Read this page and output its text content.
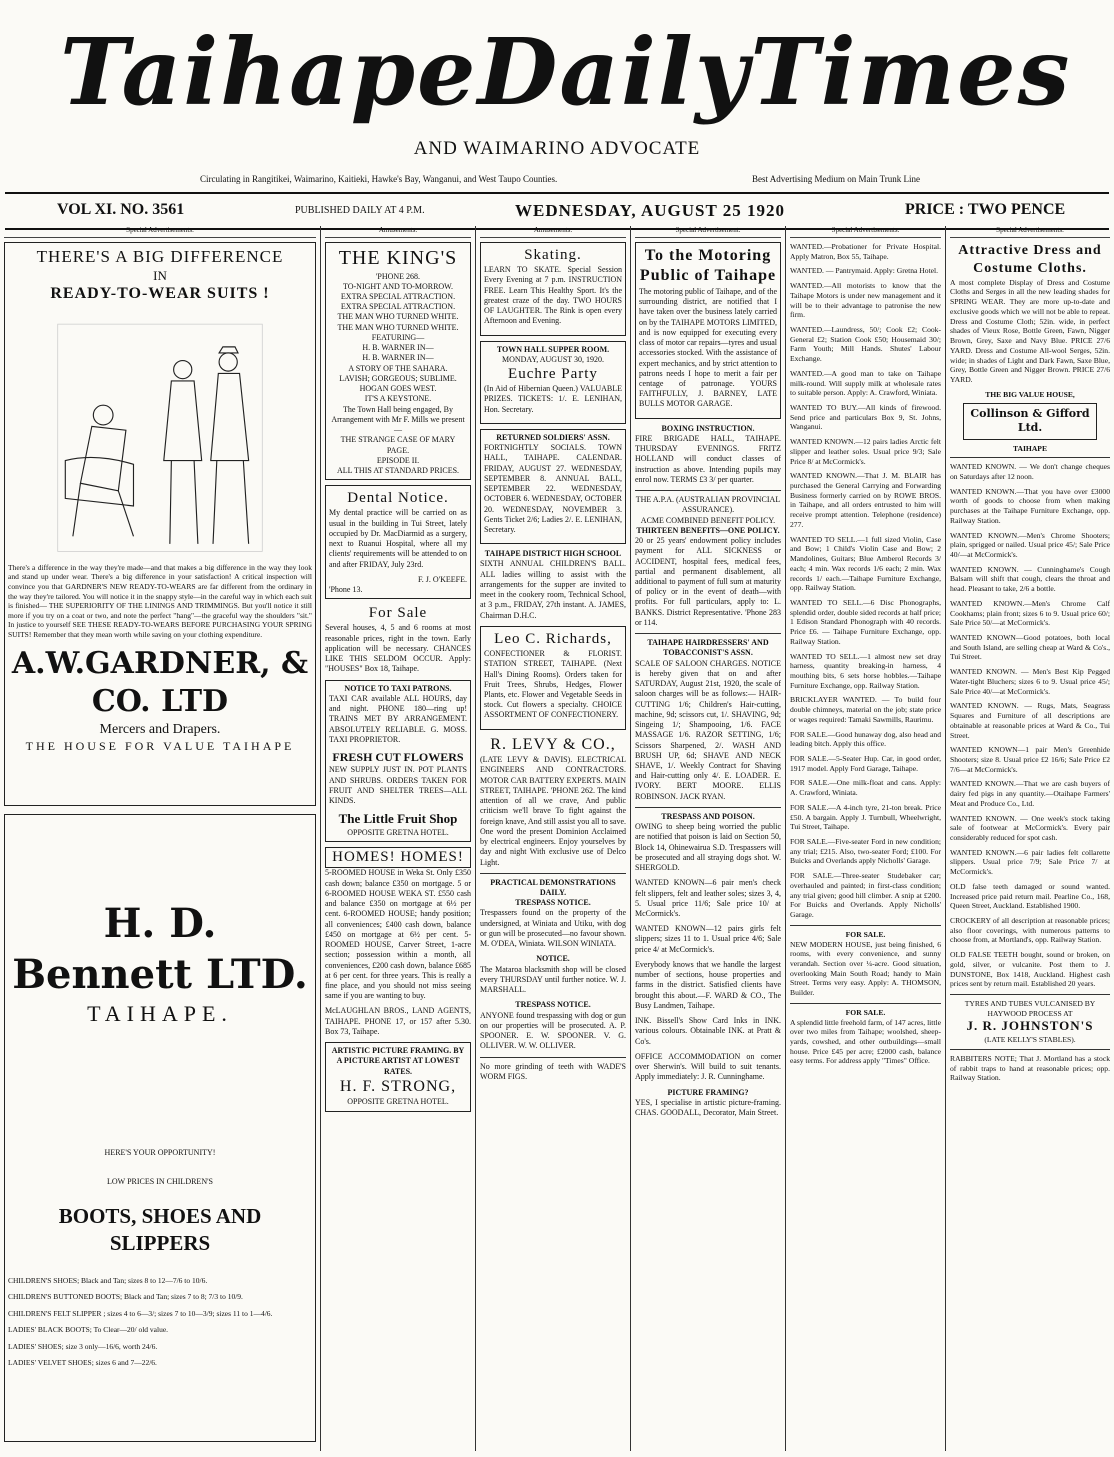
Taihape Daily Times
AND WAIMARINO ADVOCATE
Circulating in Rangitikei, Waimarino, Kaitieki, Hawke's Bay, Wanganui, and West Taupo Counties.	Best Advertising Medium on Main Trunk Line
VOL XI. NO. 3561	PUBLISHED DAILY AT 4 P.M.	WEDNESDAY, AUGUST 25 1920	PRICE : TWO PENCE
Special Advertisements.
THERE'S A BIG DIFFERENCE
IN
READY-TO-WEAR SUITS !
There's a difference in the way they're made—and that makes a big difference in the way they look and stand up under wear. There's a big difference in your satisfaction! A critical inspection will convince you that GARDNER'S NEW READY-TO-WEARS are far different from the ordinary in the way they're tailored. You will notice it in the snappy style—in the careful way in which each suit is finished— THE SUPERIORITY OF THE LININGS AND TRIMMINGS. But you'll notice it still more if you try on a coat or two, and note the perfect "hang"—the graceful way the shoulders "sit." In justice to yourself SEE THESE READY-TO-WEARS BEFORE PURCHASING YOUR SPRING SUITS! Remember that they mean worth while saving on your clothing expenditure.
A.W.GARDNER, & CO. LTD
Mercers and Drapers.
THE HOUSE FOR VALUE TAIHAPE
H. D. Bennett LTD.
TAIHAPE.
HERE'S YOUR OPPORTUNITY!
LOW PRICES IN CHILDREN'S
BOOTS, SHOES AND SLIPPERS
CHILDREN'S SHOES; Black and Tan; sizes 8 to 12—7/6 to 10/6.
CHILDREN'S BUTTONED BOOTS; Black and Tan; sizes 7 to 8; 7/3 to 10/9.
CHILDREN'S FELT SLIPPER ; sizes 4 to 6—3/; sizes 7 to 10—3/9; sizes 11 to 1—4/6.
LADIES' BLACK BOOTS; To Clear—20/ old value.
LADIES' SHOES; size 3 only—16/6, worth 24/6.
LADIES' VELVET SHOES; sizes 6 and 7—22/6.
Amusements.
THE KING'S
'PHONE 268.
TO-NIGHT AND TO-MORROW.
EXTRA SPECIAL ATTRACTION.
EXTRA SPECIAL ATTRACTION.
THE MAN WHO TURNED WHITE.
THE MAN WHO TURNED WHITE.
FEATURING—
H. B. WARNER IN—
H. B. WARNER IN—
A STORY OF THE SAHARA.
LAVISH; GORGEOUS; SUBLIME.
HOGAN GOES WEST.
IT'S A KEYSTONE.
The Town Hall being engaged, By Arrangement with Mr F. Mills we present—
THE STRANGE CASE OF MARY PAGE.
EPISODE II.
ALL THIS AT STANDARD PRICES.
Dental Notice.
My dental practice will be carried on as usual in the building in Tui Street, lately occupied by Dr. MacDiarmid as a surgery, next to Ruanui Hospital, where all my clients' requirements will be attended to on and after FRIDAY, July 23rd.
F. J. O'KEEFE.
'Phone 13.
For Sale
Several houses, 4, 5 and 6 rooms at most reasonable prices, right in the town. Early application will be necessary. CHANCES LIKE THIS SELDOM OCCUR. Apply: "HOUSES" Box 18, Taihape.
NOTICE TO TAXI PATRONS.
TAXI CAR available ALL HOURS, day and night. PHONE 180—ring up! TRAINS MET BY ARRANGEMENT. ABSOLUTELY RELIABLE. G. MOSS. TAXI PROPRIETOR.
FRESH CUT FLOWERS
NEW SUPPLY JUST IN. POT PLANTS AND SHRUBS. ORDERS TAKEN FOR FRUIT AND SHELTER TREES—ALL KINDS.
The Little Fruit Shop
OPPOSITE GRETNA HOTEL.
HOMES! HOMES!
5-ROOMED HOUSE in Weka St. Only £350 cash down; balance £350 on mortgage. 5 or 6-ROOMED HOUSE WEKA ST. £550 cash and balance £350 on mortgage at 6½ per cent. 6-ROOMED HOUSE; handy position; all conveniences; £400 cash down, balance £450 on mortgage at 6½ per cent. 5-ROOMED HOUSE, Carver Street, 1-acre section; possession within a month, all conveniences, £200 cash down, balance £685 at 6 per cent. for three years. This is really a fine place, and you should not miss seeing same if you are wanting to buy.
McLAUGHLAN BROS., LAND AGENTS, TAIHAPE. PHONE 17, or 157 after 5.30. Box 73, Taihape.
ARTISTIC PICTURE FRAMING. BY A PICTURE ARTIST AT LOWEST RATES.
H. F. STRONG,
OPPOSITE GRETNA HOTEL.
Amusements.
Skating.
LEARN TO SKATE. Special Session Every Evening at 7 p.m. INSTRUCTION FREE. Learn This Healthy Sport. It's the greatest craze of the day. TWO HOURS OF LAUGHTER. The Rink is open every Afternoon and Evening.
TOWN HALL SUPPER ROOM.
MONDAY, AUGUST 30, 1920.
Euchre Party
(In Aid of Hibernian Queen.) VALUABLE PRIZES. TICKETS: 1/. E. LENIHAN, Hon. Secretary.
RETURNED SOLDIERS' ASSN.
FORTNIGHTLY SOCIALS. TOWN HALL, TAIHAPE. CALENDAR. FRIDAY, AUGUST 27. WEDNESDAY, SEPTEMBER 8. ANNUAL BALL, SEPTEMBER 22. WEDNESDAY, OCTOBER 6. WEDNESDAY, OCTOBER 20. WEDNESDAY, NOVEMBER 3. Gents Ticket 2/6; Ladies 2/. E. LENIHAN, Secretary.
TAIHAPE DISTRICT HIGH SCHOOL
SIXTH ANNUAL CHILDREN'S BALL. ALL ladies willing to assist with the arrangements for the supper are invited to meet in the cookery room, Technical School, at 3 p.m., FRIDAY, 27th instant. A. JAMES, Chairman D.H.C.
Leo C. Richards,
CONFECTIONER & FLORIST. STATION STREET, TAIHAPE. (Next Hall's Dining Rooms). Orders taken for Fruit Trees, Shrubs, Hedges, Flower Plants, etc. Flower and Vegetable Seeds in stock. Cut flowers a specialty. CHOICE ASSORTMENT OF CONFECTIONERY.
R. LEVY & CO.,
(LATE LEVY & DAVIS). ELECTRICAL ENGINEERS AND CONTRACTORS. MOTOR CAR BATTERY EXPERTS. MAIN STREET, TAIHAPE. 'PHONE 262. The kind attention of all we crave, And public criticism we'll brave To fight against the foreign knave, And still assist you all to save. One word the present Dominion Acclaimed by electrical engineers. Enjoy yourselves by day and night With exclusive use of Delco Light.
PRACTICAL DEMONSTRATIONS DAILY.
TRESPASS NOTICE.
Trespassers found on the property of the undersigned, at Winiata and Utiku, with dog or gun will be prosecuted—no favour shown. M. O'DEA, Winiata. WILSON WINIATA.
NOTICE.
The Mataroa blacksmith shop will be closed every THURSDAY until further notice. W. J. MARSHALL.
TRESPASS NOTICE.
ANYONE found trespassing with dog or gun on our properties will be prosecuted. A. P. SPOONER. E. W. SPOONER. V. G. OLLIVER. W. W. OLLIVER.
No more grinding of teeth with WADE'S WORM FIGS.
Special Advertisement.
To the Motoring Public of Taihape
The motoring public of Taihape, and of the surrounding district, are notified that I have taken over the business lately carried on by the TAIHAPE MOTORS LIMITED, and is now equipped for executing every class of motor car repairs—tyres and usual accessories stocked. With the assistance of expert mechanics, and by strict attention to patrons needs I hope to merit a fair per centage of patronage. YOURS FAITHFULLY, J. BARNEY, LATE BULLS MOTOR GARAGE.
BOXING INSTRUCTION.
FIRE BRIGADE HALL, TAIHAPE. THURSDAY EVENINGS. FRITZ HOLLAND will conduct classes of instruction as above. Intending pupils may enrol now. TERMS £3 3/ per quarter.
THE A.P.A. (AUSTRALIAN PROVINCIAL ASSURANCE).
ACME COMBINED BENEFIT POLICY.
THIRTEEN BENEFITS—ONE POLICY.
20 or 25 years' endowment policy includes payment for ALL SICKNESS or ACCIDENT, hospital fees, medical fees, partial and permanent disablement, all additional to payment of full sum at maturity of policy or in the event of death—with profits. For full particulars, apply to: L. BANKS. District Representative. 'Phone 283 or 114.
TAIHAPE HAIRDRESSERS' AND TOBACCONIST'S ASSN.
SCALE OF SALOON CHARGES. NOTICE is hereby given that on and after SATURDAY, August 21st, 1920, the scale of saloon charges will be as follows:— HAIR-CUTTING 1/6; Children's Hair-cutting, machine, 9d; scissors cut, 1/. SHAVING, 9d; Singeing 1/; Shampooing, 1/6. FACE MASSAGE 1/6. RAZOR SETTING, 1/6; Scissors Sharpened, 2/. WASH AND BRUSH UP, 6d; SHAVE AND NECK SHAVE, 1/. Weekly Contract for Shaving and Hair-cutting only 4/. E. LOADER. E. IVORY. BERT MOORE. ELLIS ROBINSON. JACK RYAN.
TRESPASS AND POISON.
OWING to sheep being worried the public are notified that poison is laid on Section 50, Block 14, Ohinewairua S.D. Trespassers will be prosecuted and all straying dogs shot. W. SHERGOLD.
WANTED KNOWN—6 pair men's check felt slippers, felt and leather soles; sizes 3, 4, 5. Usual price 11/6; Sale price 10/ at McCormick's.
WANTED KNOWN—12 pairs girls felt slippers; sizes 11 to 1. Usual price 4/6; Sale price 4/ at McCormick's.
Everybody knows that we handle the largest number of sections, house properties and farms in the district. Satisfied clients have brought this about.—F. WARD & CO., The Busy Landmen, Taihape.
INK. Bissell's Show Card Inks in INK. various colours. Obtainable INK. at Pratt & Co's.
OFFICE ACCOMMODATION on corner over Sherwin's. Will build to suit tenants. Apply immediately: J. R. Cunninghame.
PICTURE FRAMING?
YES, I specialise in artistic picture-framing. CHAS. GOODALL, Decorator, Main Street.
Special Advertisements.
WANTED.—Probationer for Private Hospital. Apply Matron, Box 55, Taihape.
WANTED. — Pantrymaid. Apply: Gretna Hotel.
WANTED.—All motorists to know that the Taihape Motors is under new management and it will be to their advantage to patronise the new firm.
WANTED.—Laundress, 50/; Cook £2; Cook-General £2; Station Cook £50; Housemaid 30/; Farm Youth; Mill Hands. Shutes' Labour Exchange.
WANTED.—A good man to take on Taihape milk-round. Will supply milk at wholesale rates to suitable person. Apply: A. Crawford, Winiata.
WANTED TO BUY.—All kinds of firewood. Send price and particulars Box 9, St. Johns, Wanganui.
WANTED KNOWN.—12 pairs ladies Arctic felt slipper and leather soles. Usual price 9/3; Sale Price 8/ at McCormick's.
WANTED KNOWN.—That J. M. BLAIR has purchased the General Carrying and Forwarding Business formerly carried on by ROWE BROS. in Taihape, and all orders entrusted to him will receive prompt attention. Telephone (residence) 277.
WANTED TO SELL.—1 full sized Violin, Case and Bow; 1 Child's Violin Case and Bow; 2 Mandolines, Guitars; Blue Amberol Records 3/ each; 4 min. Wax records 1/6 each; 2 min. Wax records 1/ each.—Taihape Furniture Exchange, opp. Railway Station.
WANTED TO SELL.—6 Disc Phonographs, splendid order, double sided records at half price; 1 Edison Standard Phonograph with 40 records. Price £6. — Taihape Furniture Exchange, opp. Railway Station.
WANTED TO SELL.—1 almost new set dray harness, quantity breaking-in harness, 4 mouthing bits, 6 sets horse hobbles.—Taihape Furniture Exchange, opp. Railway Station.
BRICKLAYER WANTED. — To build four double chimneys, material on the job; state price or wages required: Tamaki Sawmills, Raurimu.
FOR SALE.—Good hunaway dog, also head and leading bitch. Apply this office.
FOR SALE.—5-Seater Hup. Car, in good order, 1917 model. Apply Ford Garage, Taihape.
FOR SALE.—One milk-float and cans. Apply: A. Crawford, Winiata.
FOR SALE.—A 4-inch tyre, 21-ton break. Price £50. A bargain. Apply J. Turnbull, Wheelwright, Tui Street, Taihape.
FOR SALE.—Five-seater Ford in new condition; any trial; £215. Also, two-seater Ford; £100. For Buicks and Overlands apply Nicholls' Garage.
FOR SALE.—Three-seater Studebaker car; overhauled and painted; in first-class condition; any trial given; good hill climber. A snip at £200. For Buicks and Overlands. Apply Nicholls' Garage.
FOR SALE.
NEW MODERN HOUSE, just being finished, 6 rooms, with every convenience, and sunny verandah. Section over ¼-acre. Good situation, overlooking Main South Road; handy to Main Street. Terms very easy. Apply: A. THOMSON, Builder.
FOR SALE.
A splendid little freehold farm, of 147 acres, little over two miles from Taihape; woolshed, sheep-yards, cowshed, and other outbuildings—small house. Price £45 per acre; £2000 cash, balance easy terms. For address apply "Times" Office.
Special Advertisements.
Attractive Dress and Costume Cloths.
A most complete Display of Dress and Costume Cloths and Serges in all the new leading shades for SPRING WEAR. They are more up-to-date and exclusive goods which we will not be able to repeat. Dress and Costume Cloth; 52in. wide, in perfect shades of Vieux Rose, Bottle Green, Fawn, Nigger Brown, Grey, Saxe and Navy Blue. PRICE 27/6 YARD. Dress and Costume All-wool Serges, 52in. wide; in shades of Light and Dark Fawn, Saxe Blue, Grey, Bottle Green and Nigger Brown. PRICE 27/6 YARD.
THE BIG VALUE HOUSE,
Collinson & Gifford Ltd.
TAIHAPE
WANTED KNOWN. — We don't change cheques on Saturdays after 12 noon.
WANTED KNOWN.—That you have over £3000 worth of goods to choose from when making purchases at the Taihape Furniture Exchange, opp. Railway Station.
WANTED KNOWN.—Men's Chrome Shooters; plain, sprigged or nailed. Usual price 45/; Sale Price 40/—at McCormick's.
WANTED KNOWN. — Cunninghame's Cough Balsam will shift that cough, clears the throat and head. Pleasant to take, 2/6 a bottle.
WANTED KNOWN.—Men's Chrome Calf Cookhams; plain front; sizes 6 to 9. Usual price 60/; Sale Price 50/—at McCormick's.
WANTED KNOWN—Good potatoes, both local and South Island, are selling cheap at Ward & Co's., Tui Street.
WANTED KNOWN. — Men's Best Kip Pegged Water-tight Bluchers; sizes 6 to 9. Usual price 45/; Sale Price 40/—at McCormick's.
WANTED KNOWN. — Rugs, Mats, Seagrass Squares and Furniture of all descriptions are obtainable at reasonable prices at Ward & Co., Tui Street.
WANTED KNOWN—1 pair Men's Greenhide Shooters; size 8. Usual price £2 16/6; Sale Price £2 7/6—at McCormick's.
WANTED KNOWN.—That we are cash buyers of dairy fed pigs in any quantity.—Otaihape Farmers' Meat and Produce Co., Ltd.
WANTED KNOWN. — One week's stock taking sale of footwear at McCormick's. Every pair considerably reduced for spot cash.
WANTED KNOWN.—6 pair ladies felt collarette slippers. Usual price 7/9; Sale Price 7/ at McCormick's.
OLD false teeth damaged or sound wanted. Increased price paid return mail. Pearline Co., 168, Queen Street, Auckland. Established 1900.
CROCKERY of all description at reasonable prices; also floor coverings, with numerous patterns to choose from, at Mortland's, opp. Railway Station.
OLD FALSE TEETH bought, sound or broken, on gold, silver, or vulcanite. Post them to J. DUNSTONE, Box 1418, Auckland. Highest cash prices sent by return mail. Established 20 years.
TYRES AND TUBES VULCANISED BY HAYWOOD PROCESS AT
J. R. JOHNSTON'S
(LATE KELLY'S STABLES).
RABBITERS NOTE; That J. Mortland has a stock of rabbit traps to hand at reasonable prices; opp. Railway Station.
